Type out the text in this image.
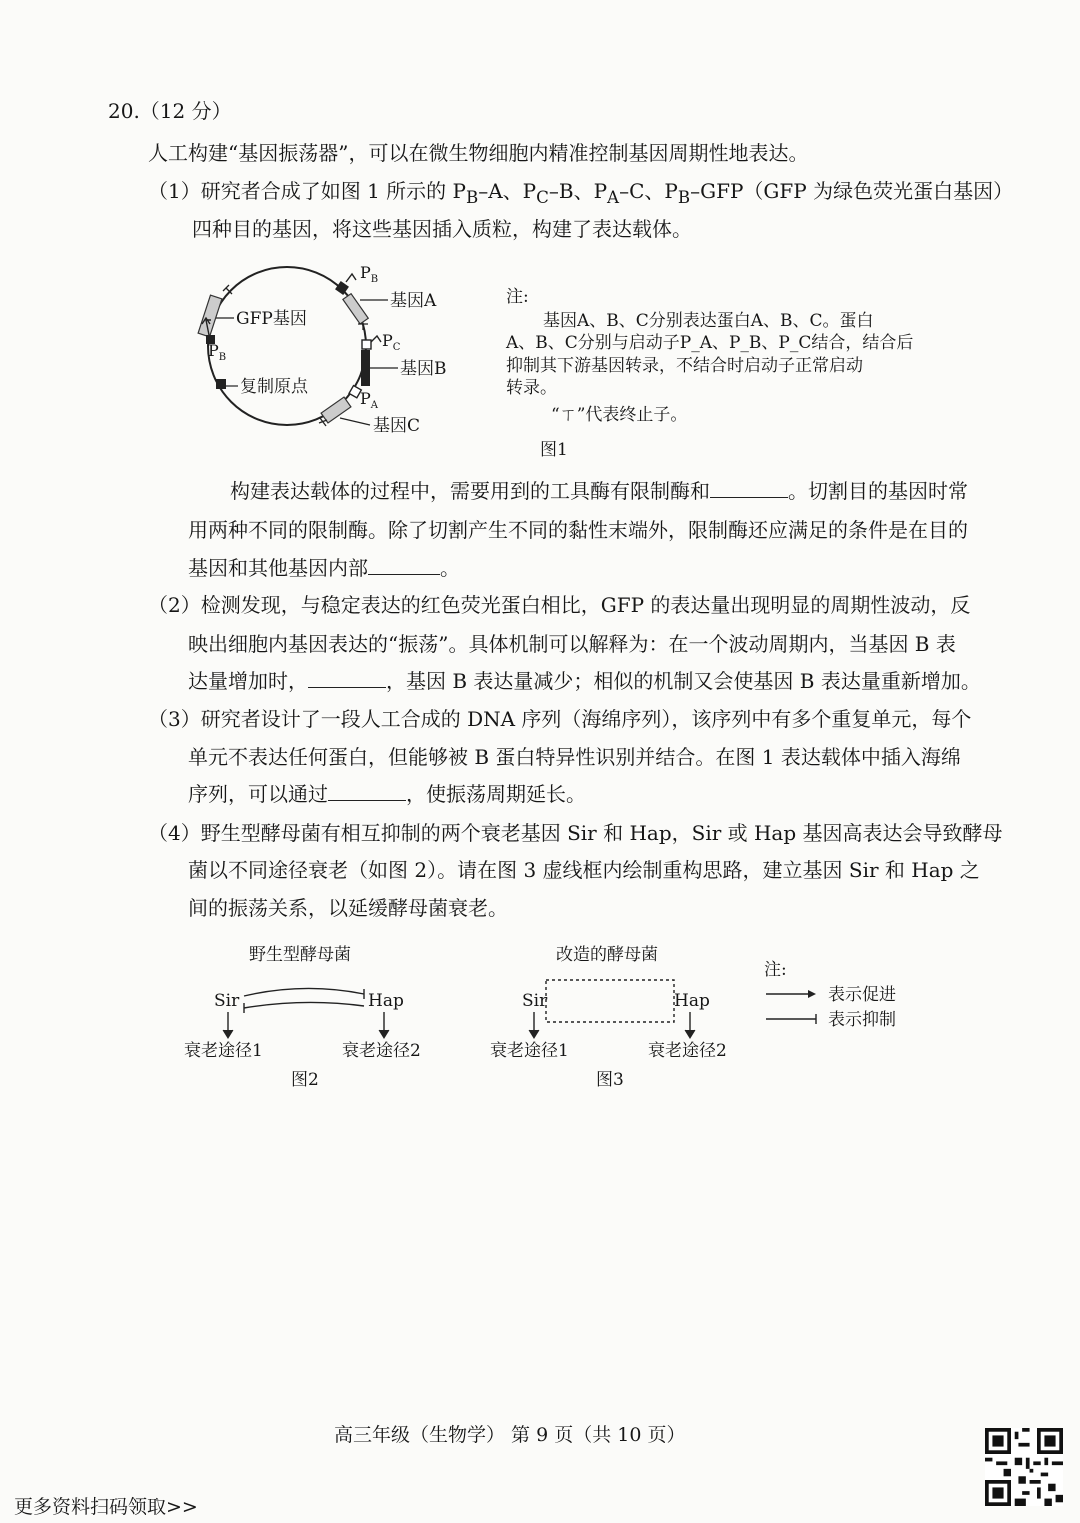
20.（12 分）
人工构建“基因振荡器”，可以在微生物细胞内精准控制基因周期性地表达。
（1）研究者合成了如图 1 所示的 $P_B-A$、$P_C-B$、$P_A-C$、$P_B-GFP(GFP$ 为绿色荧光蛋白基因）
四种目的基因，将这些基因插入质粒，构建了表达载体。
$P_B$
基因A
GFP基因
$P_B$
$P_C$
基因B
复制原点
$P_A$
基因C
注:
基因A、B、C分别表达蛋白A、B、C。蛋白
A、B、C分别与启动子P_A、P_B、P_C结合，结合后
抑制其下游基因转录，不结合时启动子正常启动
转录。
“ㄒ”代表终止子。
图1
构建表达载体的过程中，需要用到的工具酶有限制酶和	。切割目的基因时常
用两种不同的限制酶。除了切割产生不同的黏性末端外，限制酶还应满足的条件是在目的
基因和其他基因内部	。
（2）检测发现，与稳定表达的红色荧光蛋白相比，GFP 的表达量出现明显的周期性波动，反
映出细胞内基因表达的“振荡”。具体机制可以解释为：在一个波动周期内，当基因 B 表
达量增加时，	，基因 B 表达量减少；相似的机制又会使基因 B 表达量重新增加。
（3）研究者设计了一段人工合成的 DNA 序列（海绵序列），该序列中有多个重复单元，每个
单元不表达任何蛋白，但能够被 B 蛋白特异性识别并结合。在图 1 表达载体中插入海绵
序列，可以通过	，使振荡周期延长。
（4）野生型酵母菌有相互抑制的两个衰老基因 Sir 和 Hap，Sir 或 Hap 基因高表达会导致酵母
菌以不同途径衰老（如图 2）。请在图 3 虚线框内绘制重构思路，建立基因 Sir 和 Hap 之
间的振荡关系，以延缓酵母菌衰老。
野生型酵母菌
Sir	Hap
衰老途径1	衰老途径2
图2
改造的酵母菌
Sir	Hap
衰老途径1	衰老途径2
图3
注:
表示促进
表示抑制
高三年级（生物学） 第 9 页（共 10 页）
更多资料扫码领取>>
